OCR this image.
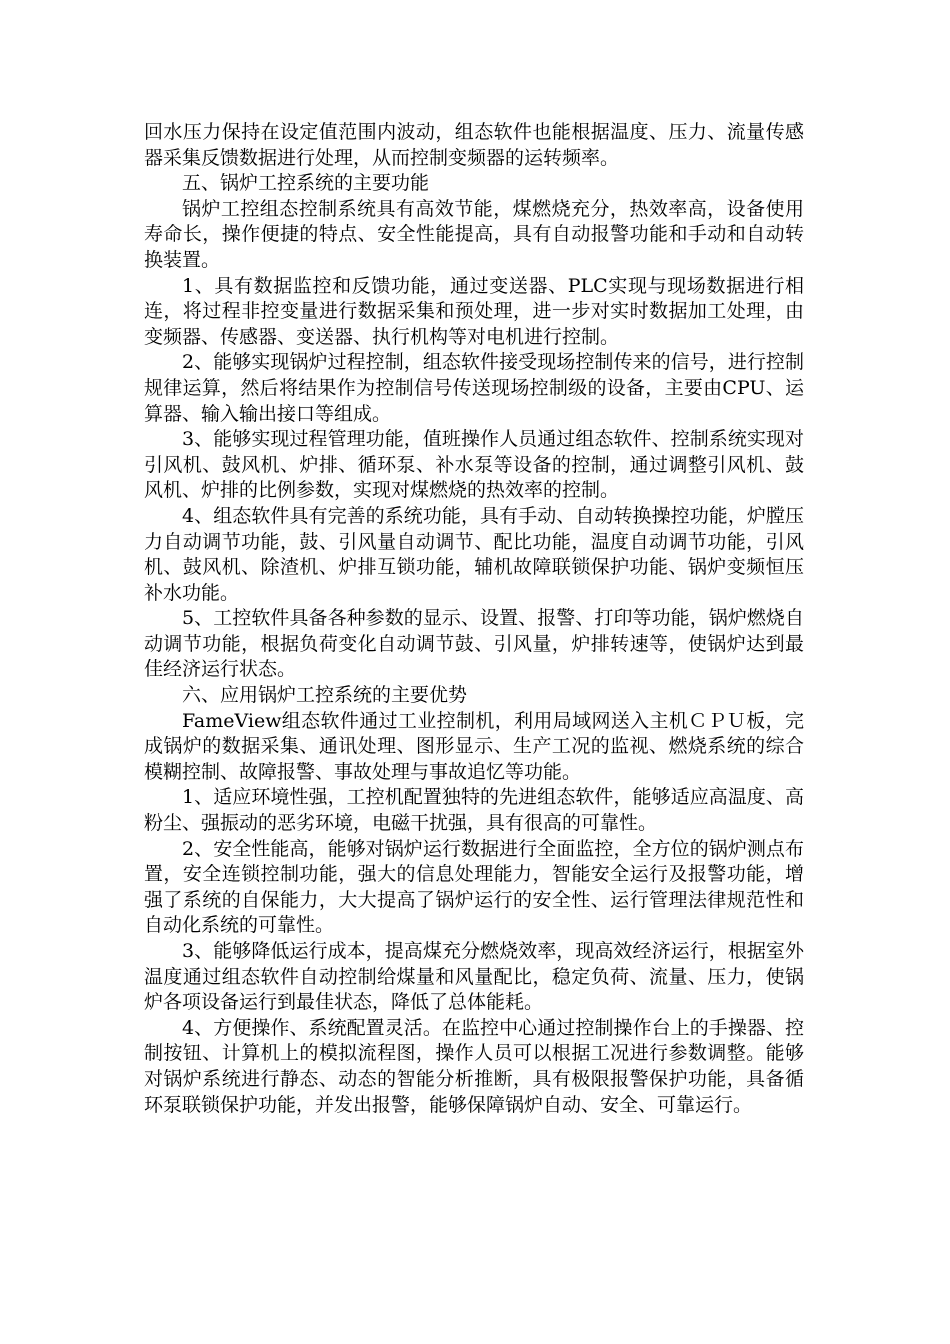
回水压力保持在设定值范围内波动，组态软件也能根据温度、压力、流量传感器采集反馈数据进行处理，从而控制变频器的运转频率。

五、锅炉工控系统的主要功能

锅炉工控组态控制系统具有高效节能，煤燃烧充分，热效率高，设备使用寿命长，操作便捷的特点、安全性能提高，具有自动报警功能和手动和自动转换装置。

1、具有数据监控和反馈功能，通过变送器、PLC实现与现场数据进行相连，将过程非控变量进行数据采集和预处理，进一步对实时数据加工处理，由变频器、传感器、变送器、执行机构等对电机进行控制。

2、能够实现锅炉过程控制，组态软件接受现场控制传来的信号，进行控制规律运算，然后将结果作为控制信号传送现场控制级的设备，主要由CPU、运算器、输入输出接口等组成。

3、能够实现过程管理功能，值班操作人员通过组态软件、控制系统实现对引风机、鼓风机、炉排、循环泵、补水泵等设备的控制，通过调整引风机、鼓风机、炉排的比例参数，实现对煤燃烧的热效率的控制。

4、组态软件具有完善的系统功能，具有手动、自动转换操控功能，炉膛压力自动调节功能，鼓、引风量自动调节、配比功能，温度自动调节功能，引风机、鼓风机、除渣机、炉排互锁功能，辅机故障联锁保护功能、锅炉变频恒压补水功能。

5、工控软件具备各种参数的显示、设置、报警、打印等功能，锅炉燃烧自动调节功能，根据负荷变化自动调节鼓、引风量，炉排转速等，使锅炉达到最佳经济运行状态。

六、应用锅炉工控系统的主要优势

FameView组态软件通过工业控制机，利用局域网送入主机ＣＰＵ板，完成锅炉的数据采集、通讯处理、图形显示、生产工况的监视、燃烧系统的综合模糊控制、故障报警、事故处理与事故追忆等功能。

1、适应环境性强，工控机配置独特的先进组态软件，能够适应高温度、高粉尘、强振动的恶劣环境，电磁干扰强，具有很高的可靠性。

2、安全性能高，能够对锅炉运行数据进行全面监控，全方位的锅炉测点布置，安全连锁控制功能，强大的信息处理能力，智能安全运行及报警功能，增强了系统的自保能力，大大提高了锅炉运行的安全性、运行管理法律规范性和自动化系统的可靠性。

3、能够降低运行成本，提高煤充分燃烧效率，现高效经济运行，根据室外温度通过组态软件自动控制给煤量和风量配比，稳定负荷、流量、压力，使锅炉各项设备运行到最佳状态，降低了总体能耗。

4、方便操作、系统配置灵活。在监控中心通过控制操作台上的手操器、控制按钮、计算机上的模拟流程图，操作人员可以根据工况进行参数调整。能够对锅炉系统进行静态、动态的智能分析推断，具有极限报警保护功能，具备循环泵联锁保护功能，并发出报警，能够保障锅炉自动、安全、可靠运行。
